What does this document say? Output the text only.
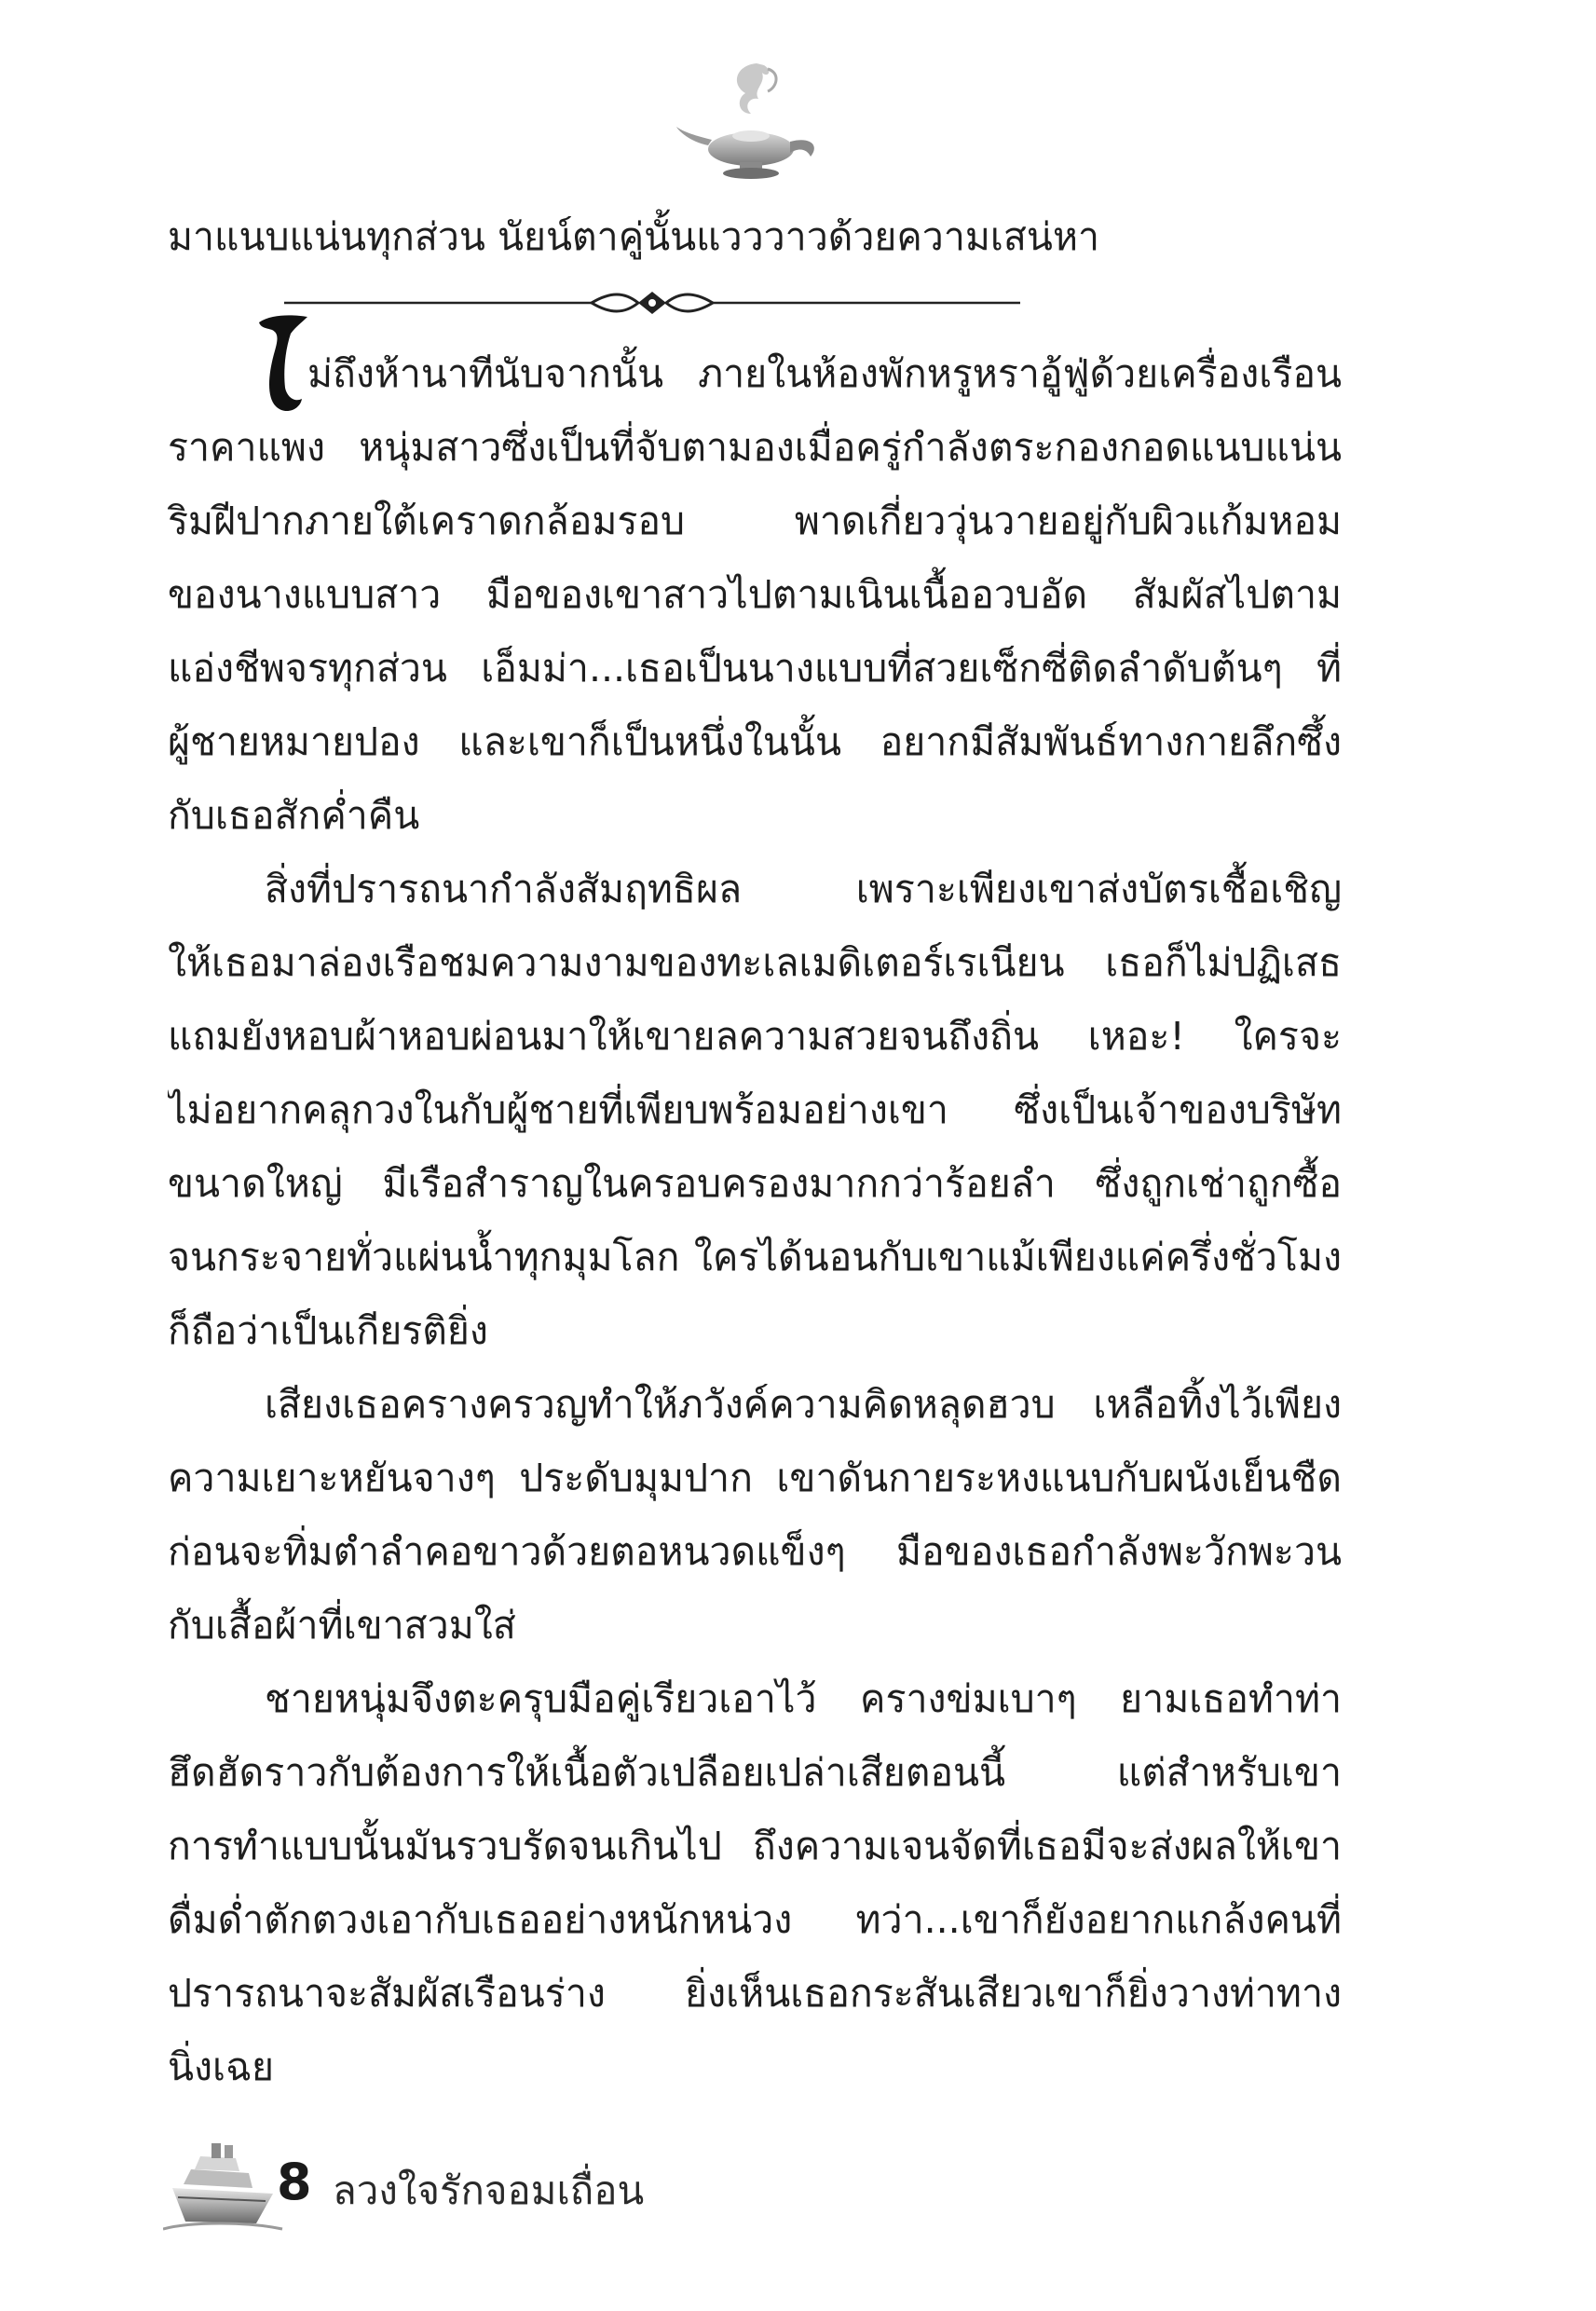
มาแนบแน่นทุกส่วน นัยน์ตาคู่นั้นแวววาวด้วยความเสน่หา
ม่ถึงห้านาทีนับจากนั้น ภายในห้องพักหรูหราอู้ฟู่ด้วยเครื่องเรือน
ราคาแพง หนุ่มสาวซึ่งเป็นที่จับตามองเมื่อครู่กำลังตระกองกอดแนบแน่น
ริมฝีปากภายใต้เคราดกล้อมรอบ พาดเกี่ยววุ่นวายอยู่กับผิวแก้มหอม
ของนางแบบสาว มือของเขาสาวไปตามเนินเนื้ออวบอัด สัมผัสไปตาม
แอ่งชีพจรทุกส่วน เอ็มม่า...เธอเป็นนางแบบที่สวยเซ็กซี่ติดลำดับต้นๆ ที่
ผู้ชายหมายปอง และเขาก็เป็นหนึ่งในนั้น อยากมีสัมพันธ์ทางกายลึกซึ้ง
กับเธอสักค่ำคืน
สิ่งที่ปรารถนากำลังสัมฤทธิผล เพราะเพียงเขาส่งบัตรเชื้อเชิญ
ให้เธอมาล่องเรือชมความงามของทะเลเมดิเตอร์เรเนียน เธอก็ไม่ปฏิเสธ
แถมยังหอบผ้าหอบผ่อนมาให้เขายลความสวยจนถึงถิ่น เหอะ! ใครจะ
ไม่อยากคลุกวงในกับผู้ชายที่เพียบพร้อมอย่างเขา ซึ่งเป็นเจ้าของบริษัท
ขนาดใหญ่ มีเรือสำราญในครอบครองมากกว่าร้อยลำ ซึ่งถูกเช่าถูกซื้อ
จนกระจายทั่วแผ่นน้ำทุกมุมโลก ใครได้นอนกับเขาแม้เพียงแค่ครึ่งชั่วโมง
ก็ถือว่าเป็นเกียรติยิ่ง
เสียงเธอครางครวญทำให้ภวังค์ความคิดหลุดฮวบ เหลือทิ้งไว้เพียง
ความเยาะหยันจางๆ ประดับมุมปาก เขาดันกายระหงแนบกับผนังเย็นชืด
ก่อนจะทิ่มตำลำคอขาวด้วยตอหนวดแข็งๆ มือของเธอกำลังพะวักพะวน
กับเสื้อผ้าที่เขาสวมใส่
ชายหนุ่มจึงตะครุบมือคู่เรียวเอาไว้ ครางข่มเบาๆ ยามเธอทำท่า
ฮึดฮัดราวกับต้องการให้เนื้อตัวเปลือยเปล่าเสียตอนนี้ แต่สำหรับเขา
การทำแบบนั้นมันรวบรัดจนเกินไป ถึงความเจนจัดที่เธอมีจะส่งผลให้เขา
ดื่มด่ำตักตวงเอากับเธออย่างหนักหน่วง ทว่า...เขาก็ยังอยากแกล้งคนที่
ปรารถนาจะสัมผัสเรือนร่าง ยิ่งเห็นเธอกระสันเสียวเขาก็ยิ่งวางท่าทาง
นิ่งเฉย
8 ลวงใจรักจอมเถื่อน
